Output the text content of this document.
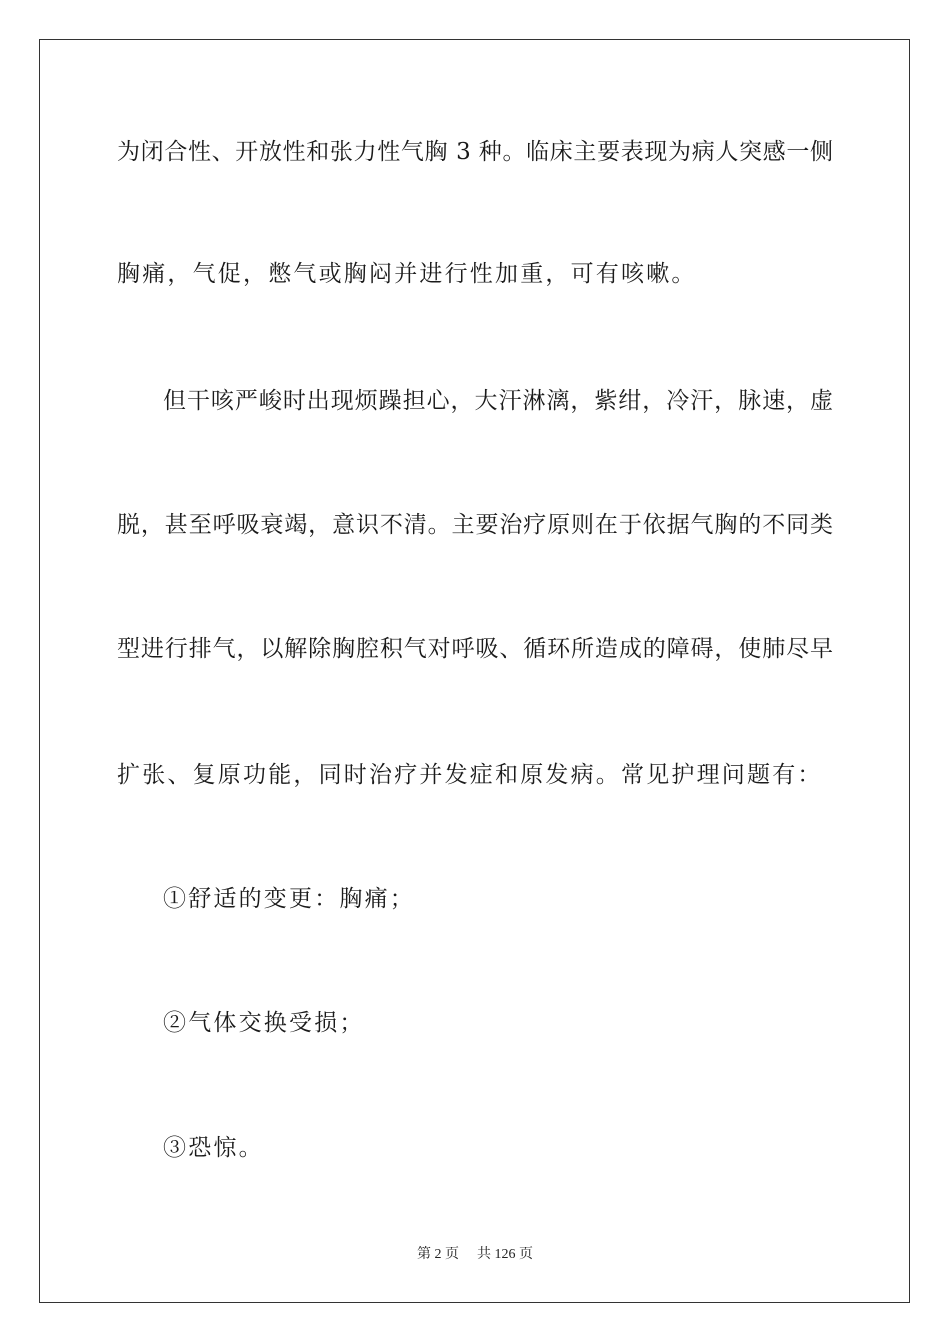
为闭合性、开放性和张力性气胸 3 种。临床主要表现为病人突感一侧
胸痛，气促，憋气或胸闷并进行性加重，可有咳嗽。
但干咳严峻时出现烦躁担心，大汗淋漓，紫绀，冷汗，脉速，虚
脱，甚至呼吸衰竭，意识不清。主要治疗原则在于依据气胸的不同类
型进行排气，以解除胸腔积气对呼吸、循环所造成的障碍，使肺尽早
扩张、复原功能，同时治疗并发症和原发病。常见护理问题有：
①舒适的变更：胸痛；
②气体交换受损；
③恐惊。
第 2 页 共 126 页
